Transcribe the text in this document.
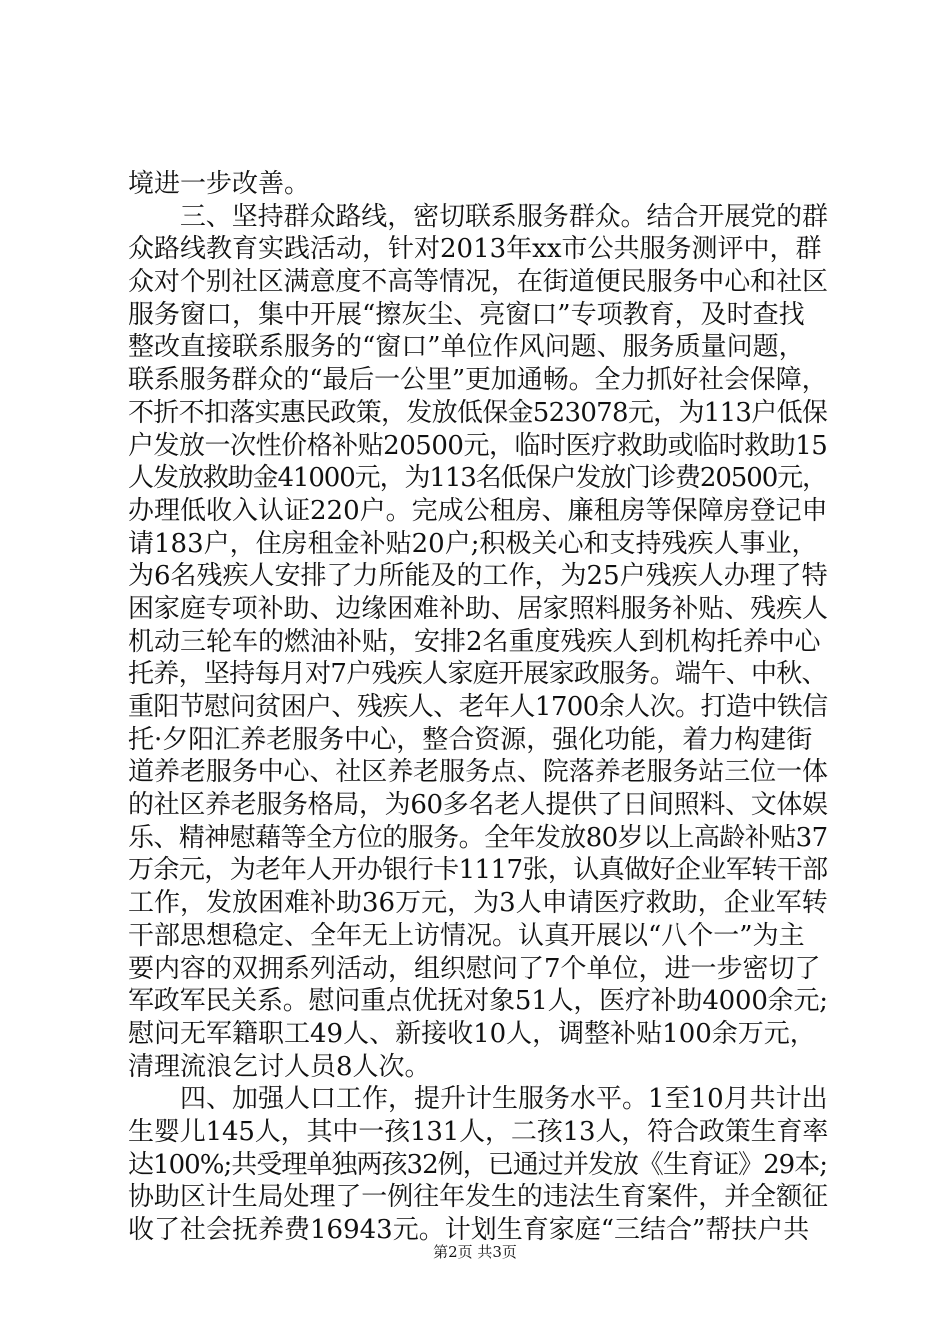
境进一步改善。
　　三、坚持群众路线，密切联系服务群众。结合开展党的群
众路线教育实践活动，针对2013年xx市公共服务测评中，群
众对个别社区满意度不高等情况，在街道便民服务中心和社区
服务窗口，集中开展“擦灰尘、亮窗口”专项教育，及时查找
整改直接联系服务的“窗口”单位作风问题、服务质量问题，
联系服务群众的“最后一公里”更加通畅。全力抓好社会保障，
不折不扣落实惠民政策，发放低保金523078元，为113户低保
户发放一次性价格补贴20500元，临时医疗救助或临时救助15
人发放救助金41000元，为113名低保户发放门诊费20500元，
办理低收入认证220户。完成公租房、廉租房等保障房登记申
请183户，住房租金补贴20户;积极关心和支持残疾人事业，
为6名残疾人安排了力所能及的工作，为25户残疾人办理了特
困家庭专项补助、边缘困难补助、居家照料服务补贴、残疾人
机动三轮车的燃油补贴，安排2名重度残疾人到机构托养中心
托养，坚持每月对7户残疾人家庭开展家政服务。端午、中秋、
重阳节慰问贫困户、残疾人、老年人1700余人次。打造中铁信
托·夕阳汇养老服务中心，整合资源，强化功能，着力构建街
道养老服务中心、社区养老服务点、院落养老服务站三位一体
的社区养老服务格局，为60多名老人提供了日间照料、文体娱
乐、精神慰藉等全方位的服务。全年发放80岁以上高龄补贴37
万余元，为老年人开办银行卡1117张，认真做好企业军转干部
工作，发放困难补助36万元，为3人申请医疗救助，企业军转
干部思想稳定、全年无上访情况。认真开展以“八个一”为主
要内容的双拥系列活动，组织慰问了7个单位，进一步密切了
军政军民关系。慰问重点优抚对象51人，医疗补助4000余元;
慰问无军籍职工49人、新接收10人，调整补贴100余万元，
清理流浪乞讨人员8人次。
　　四、加强人口工作，提升计生服务水平。1至10月共计出
生婴儿145人，其中一孩131人，二孩13人，符合政策生育率
达100%;共受理单独两孩32例，已通过并发放《生育证》29本;
协助区计生局处理了一例往年发生的违法生育案件，并全额征
收了社会抚养费16943元。计划生育家庭“三结合”帮扶户共
第2页 共3页
